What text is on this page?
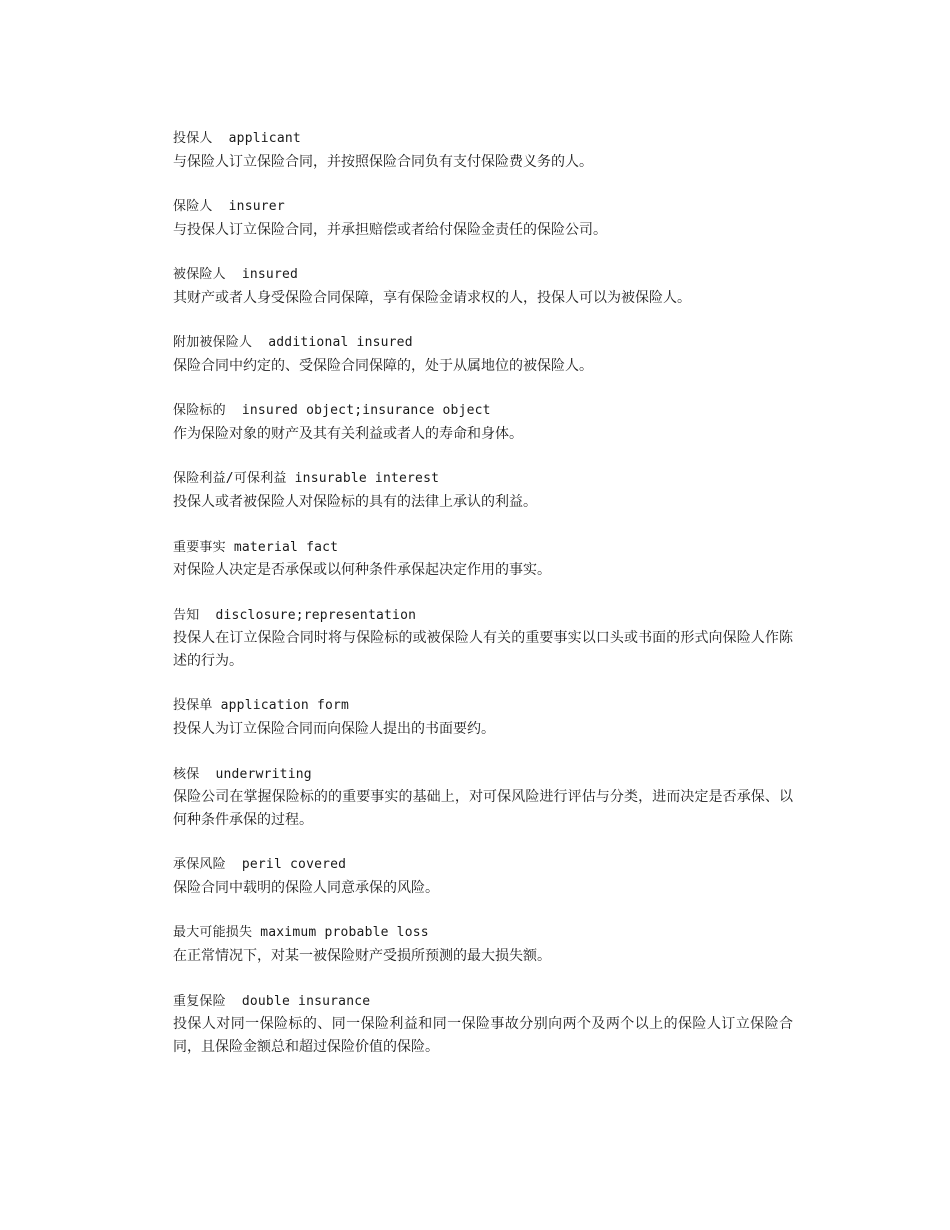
投保人  applicant
与保险人订立保险合同，并按照保险合同负有支付保险费义务的人。
保险人  insurer
与投保人订立保险合同，并承担赔偿或者给付保险金责任的保险公司。
被保险人  insured
其财产或者人身受保险合同保障，享有保险金请求权的人，投保人可以为被保险人。
附加被保险人  additional insured
保险合同中约定的、受保险合同保障的，处于从属地位的被保险人。
保险标的  insured object;insurance object
作为保险对象的财产及其有关利益或者人的寿命和身体。
保险利益/可保利益 insurable interest
投保人或者被保险人对保险标的具有的法律上承认的利益。
重要事实 material fact
对保险人决定是否承保或以何种条件承保起决定作用的事实。
告知  disclosure;representation
投保人在订立保险合同时将与保险标的或被保险人有关的重要事实以口头或书面的形式向保险人作陈述的行为。
投保单 application form
投保人为订立保险合同而向保险人提出的书面要约。
核保  underwriting
保险公司在掌握保险标的的重要事实的基础上，对可保风险进行评估与分类，进而决定是否承保、以何种条件承保的过程。
承保风险  peril covered
保险合同中载明的保险人同意承保的风险。
最大可能损失 maximum probable loss
在正常情况下，对某一被保险财产受损所预测的最大损失额。
重复保险  double insurance
投保人对同一保险标的、同一保险利益和同一保险事故分别向两个及两个以上的保险人订立保险合同，且保险金额总和超过保险价值的保险。
